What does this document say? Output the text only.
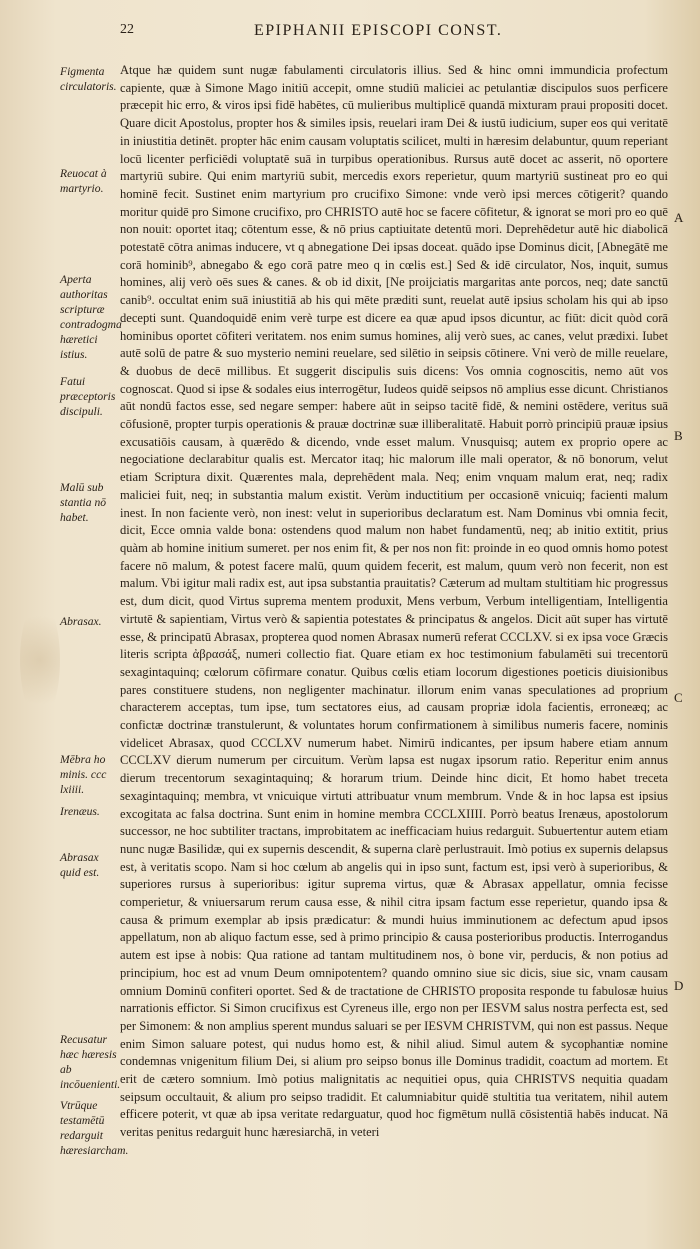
22	EPIPHANII EPISCOPI CONST.
Figmenta circulatoris.
Reuocat à martyrio.
Aperta authoritas scripturæ contradogma hæretici istius.
Fatui præceptoris discipuli.
Malū sub stantia nō habet.
Abrasax.
Mēbra ho minis. ccc lxiiii.
Irenæus.
Abrasax quid est.
Recusatur hæc hæresis ab incōuenienti.
Vtrūque testamētū redarguit hæresiarcham.
A
B
C
D

Atque hæ quidem sunt nugæ fabulamenti circulatoris illius. Sed & hinc omni immundicia profectum capiente, quæ à Simone Mago initiū accepit, omne studiū maliciei ac petulantiæ discipulos suos perficere præcepit hic erro, & viros ipsi fidē habētes, cū mulieribus multiplicē quandā mixturam praui propositi docet. Quare dicit Apostolus, propter hos & similes ipsis, reuelari iram Dei & iustū iudicium, super eos qui veritatē in iniustitia detinēt. propter hāc enim causam voluptatis scilicet, multi in hæresim delabuntur, quum reperiant locū licenter perficiēdi voluptatē suā in turpibus operationibus. Rursus autē docet ac asserit, nō oportere martyriū subire. Qui enim martyriū subit, mercedis exors reperietur, quum martyriū sustineat pro eo qui hominē fecit. Sustinet enim martyrium pro crucifixo Simone: vnde verò ipsi merces cōtigerit? quando moritur quidē pro Simone crucifixo, pro CHRISTO autē hoc se facere cōfitetur, & ignorat se mori pro eo quē non nouit: oportet itaq; cōtentum esse, & nō prius captiuitate detentū mori. Deprehēdetur autē hic diabolicā potestatē cōtra animas inducere, vt q abnegatione Dei ipsas doceat. quādo ipse Dominus dicit, [Abnegātē me corā hominib⁹, abnegabo & ego corā patre meo q in cœlis est.] Sed & idē circulator, Nos, inquit, sumus homines, alij verò oēs sues & canes. & ob id dixit, [Ne proijciatis margaritas ante porcos, neq; date sanctū canib⁹. occultat enim suā iniustitiā ab his qui mēte præditi sunt, reuelat autē ipsius scholam his qui ab ipso decepti sunt. Quandoquidē enim verè turpe est dicere ea quæ apud ipsos dicuntur, ac fiūt: dicit quòd corā hominibus oportet cōfiteri veritatem. nos enim sumus homines, alij verò sues, ac canes, velut prædixi. Iubet autē solū de patre & suo mysterio nemini reuelare, sed silētio in seipsis cōtinere. Vni verò de mille reuelare, & duobus de decē millibus. Et suggerit discipulis suis dicens: Vos omnia cognoscitis, nemo aūt vos cognoscat. Quod si ipse & sodales eius interrogētur, Iudeos quidē seipsos nō amplius esse dicunt. Christianos aūt nondū factos esse, sed negare semper: habere aūt in seipso tacitē fidē, & nemini ostēdere, veritus suā cōfusionē, propter turpis operationis & prauæ doctrinæ suæ illiberalitatē. Habuit porrò principiū prauæ ipsius excusatiōis causam, à quærēdo & dicendo, vnde esset malum. Vnusquisq; autem ex proprio opere ac negociatione declarabitur qualis est. Mercator itaq; hic malorum ille mali operator, & nō bonorum, velut etiam Scriptura dixit. Quærentes mala, deprehēdent mala. Neq; enim vnquam malum erat, neq; radix maliciei fuit, neq; in substantia malum existit. Verùm inductitium per occasionē vnicuiq; facienti malum inest. In non faciente verò, non inest: velut in superioribus declaratum est. Nam Dominus vbi omnia fecit, dicit, Ecce omnia valde bona: ostendens quod malum non habet fundamentū, neq; ab initio extitit, prius quàm ab homine initium sumeret. per nos enim fit, & per nos non fit: proinde in eo quod omnis homo potest facere nō malum, & potest facere malū, quum quidem fecerit, est malum, quum verò non fecerit, non est malum. Vbi igitur mali radix est, aut ipsa substantia prauitatis? Cæterum ad multam stultitiam hic progressus est, dum dicit, quod Virtus suprema mentem produxit, Mens verbum, Verbum intelligentiam, Intelligentia virtutē & sapientiam, Virtus verò & sapientia potestates & principatus & angelos. Dicit aūt super has virtutē esse, & principatū Abrasax, propterea quod nomen Abrasax numerū referat CCCLXV. si ex ipsa voce Græcis literis scripta ἀβρασάξ, numeri collectio fiat. Quare etiam ex hoc testimonium fabulamēti sui trecentorū sexagintaquinq; cœlorum cōfirmare conatur. Quibus cœlis etiam locorum digestiones poeticis diuisionibus pares constituere studens, non negligenter machinatur. illorum enim vanas speculationes ad proprium characterem acceptas, tum ipse, tum sectatores eius, ad causam propriæ idola facientis, erroneæq; ac confictæ doctrinæ transtulerunt, & voluntates horum confirmationem à similibus numeris facere, nominis videlicet Abrasax, quod CCCLXV numerum habet. Nimirū indicantes, per ipsum habere etiam annum CCCLXV dierum numerum per circuitum. Verùm lapsa est nugax ipsorum ratio. Reperitur enim annus dierum trecentorum sexagintaquinq; & horarum trium. Deinde hinc dicit, Et homo habet treceta sexagintaquinq; membra, vt vnicuique virtuti attribuatur vnum membrum. Vnde & in hoc lapsa est ipsius excogitata ac falsa doctrina. Sunt enim in homine membra CCCLXIIII. Porrò beatus Irenæus, apostolorum successor, ne hoc subtiliter tractans, improbitatem ac inefficaciam huius redarguit. Subuertentur autem etiam nunc nugæ Basilidæ, qui ex supernis descendit, & superna clarè perlustrauit. Imò potius ex supernis delapsus est, à veritatis scopo. Nam si hoc cœlum ab angelis qui in ipso sunt, factum est, ipsi verò à superioribus, & superiores rursus à superioribus: igitur suprema virtus, quæ & Abrasax appellatur, omnia fecisse comperietur, & vniuersarum rerum causa esse, & nihil citra ipsam factum esse reperietur, quando ipsa & causa & primum exemplar ab ipsis prædicatur: & mundi huius imminutionem ac defectum apud ipsos appellatum, non ab aliquo factum esse, sed à primo principio & causa posterioribus productis. Interrogandus autem est ipse à nobis: Qua ratione ad tantam multitudinem nos, ò bone vir, perducis, & non potius ad principium, hoc est ad vnum Deum omnipotentem? quando omnino siue sic dicis, siue sic, vnam causam omnium Dominū confiteri oportet. Sed & de tractatione de CHRISTO proposita responde tu fabulosæ huius narrationis effictor. Si Simon crucifixus est Cyreneus ille, ergo non per IESVM salus nostra perfecta est, sed per Simonem: & non amplius sperent mundus saluari se per IESVM CHRISTVM, qui non est passus. Neque enim Simon saluare potest, qui nudus homo est, & nihil aliud. Simul autem & sycophantiæ nomine condemnas vnigenitum filium Dei, si alium pro seipso bonus ille Dominus tradidit, coactum ad mortem. Et erit de cætero somnium. Imò potius malignitatis ac nequitiei opus, quia CHRISTVS nequitia quadam seipsum occultauit, & alium pro seipso tradidit. Et calumniabitur quidē stultitia tua veritatem, nihil autem efficere poterit, vt quæ ab ipsa veritate redarguatur, quod hoc figmētum nullā cōsistentiā habēs inducat. Nā veritas penitus redarguit hunc hæresiarchā, in veteri
